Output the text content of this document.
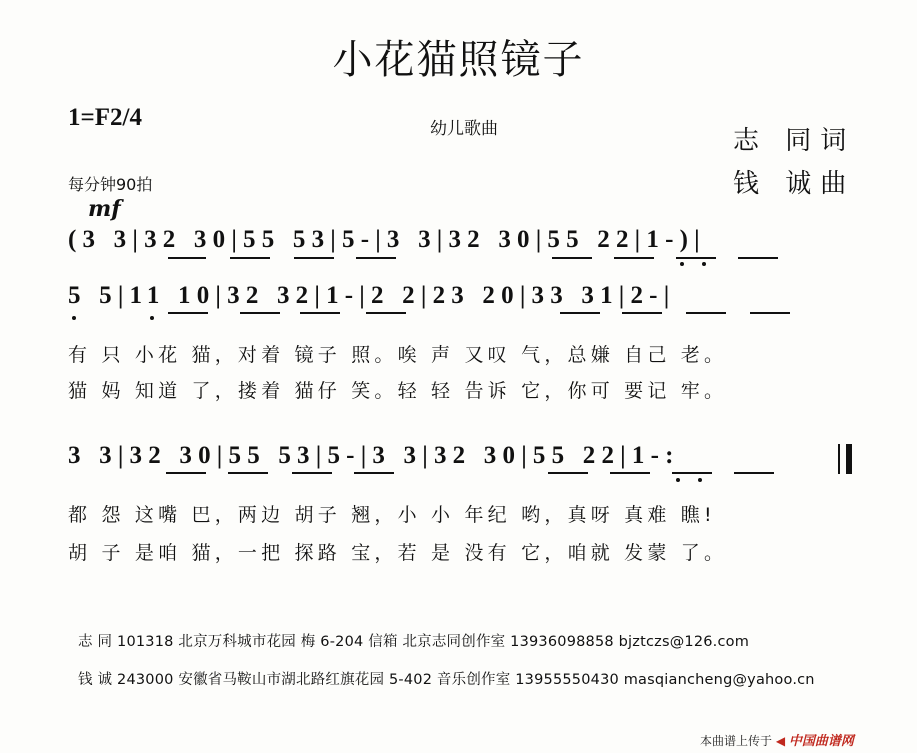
小花猫照镜子
1=F2/4	幼儿歌曲	志 同词
钱 诚曲
每分钟90拍
mf
(3 3|32 30|55 53|5-|3 3|32 30|55 22|1-)|
5 5|11 10|32 32|1-|2 2|23 20|33 31|2-|
有 只 小花 猫，对着 镜子 照。唉 声 又叹 气，总嫌 自己 老。
猫 妈 知道 了，搂着 猫仔 笑。轻 轻 告诉 它，你可 要记 牢。
3 3|32 30|55 53|5-|3 3|32 30|55 22|1-:
都 怨 这嘴 巴，两边 胡子 翘，小 小 年纪 哟，真呀 真难 瞧!
胡 子 是咱 猫，一把 探路 宝，若 是 没有 它，咱就 发蒙 了。
志 同 101318 北京万科城市花园 梅 6-204 信箱 北京志同创作室 13936098858 bjztczs@126.com
钱 诚 243000 安徽省马鞍山市湖北路红旗花园 5-402 音乐创作室 13955550430 masqiancheng@yahoo.cn
本曲谱上传于 ◀ 中国曲谱网
